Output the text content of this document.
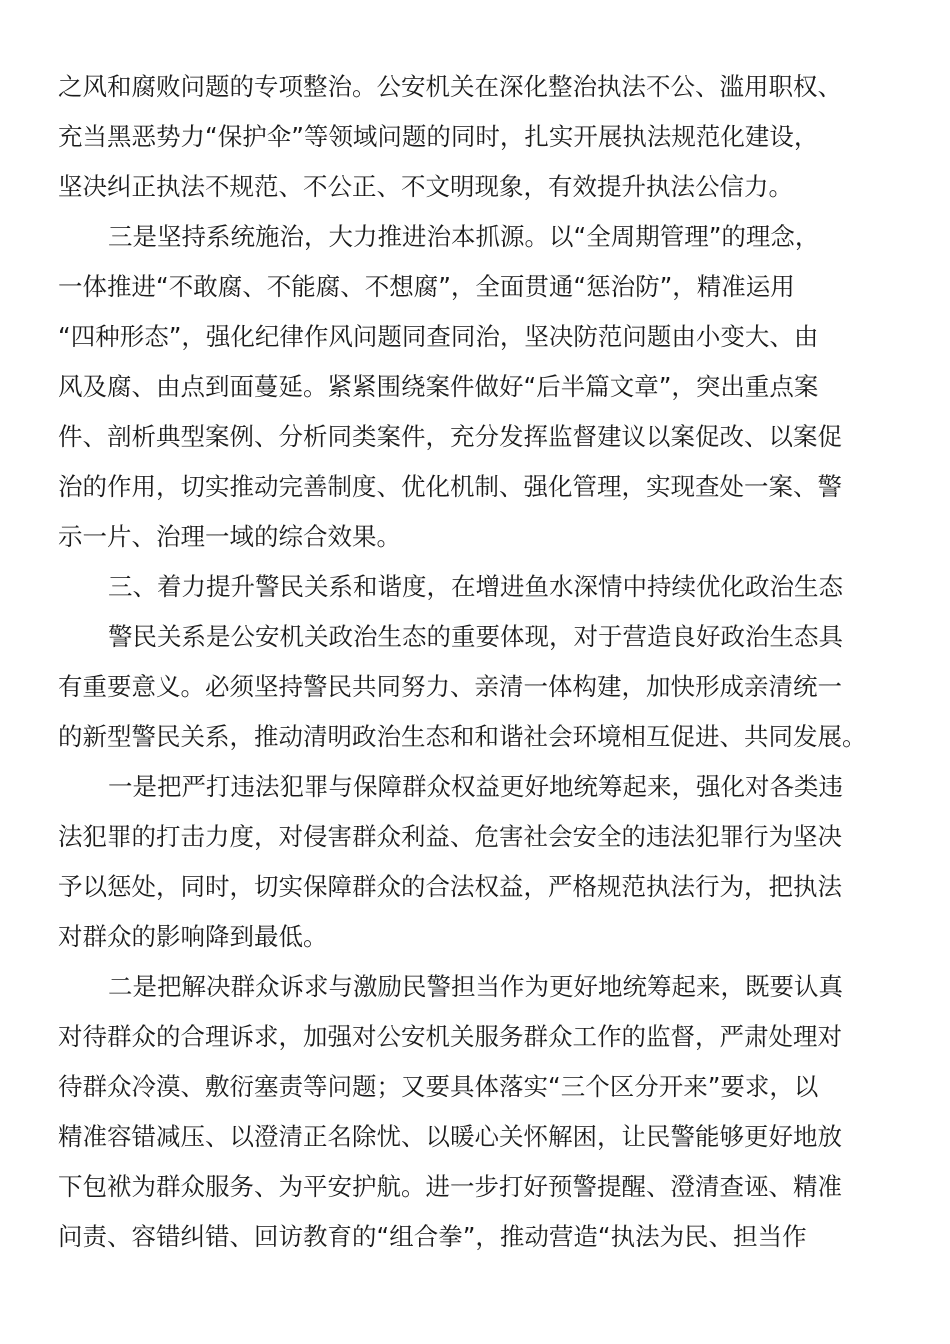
之风和腐败问题的专项整治。公安机关在深化整治执法不公、滥用职权、
充当黑恶势力“保护伞”等领域问题的同时，扎实开展执法规范化建设，
坚决纠正执法不规范、不公正、不文明现象，有效提升执法公信力。
三是坚持系统施治，大力推进治本抓源。以“全周期管理”的理念，
一体推进“不敢腐、不能腐、不想腐”，全面贯通“惩治防”，精准运用
“四种形态”，强化纪律作风问题同查同治，坚决防范问题由小变大、由
风及腐、由点到面蔓延。紧紧围绕案件做好“后半篇文章”，突出重点案
件、剖析典型案例、分析同类案件，充分发挥监督建议以案促改、以案促
治的作用，切实推动完善制度、优化机制、强化管理，实现查处一案、警
示一片、治理一域的综合效果。
三、着力提升警民关系和谐度，在增进鱼水深情中持续优化政治生态
警民关系是公安机关政治生态的重要体现，对于营造良好政治生态具
有重要意义。必须坚持警民共同努力、亲清一体构建，加快形成亲清统一
的新型警民关系，推动清明政治生态和和谐社会环境相互促进、共同发展。
一是把严打违法犯罪与保障群众权益更好地统筹起来，强化对各类违
法犯罪的打击力度，对侵害群众利益、危害社会安全的违法犯罪行为坚决
予以惩处，同时，切实保障群众的合法权益，严格规范执法行为，把执法
对群众的影响降到最低。
二是把解决群众诉求与激励民警担当作为更好地统筹起来，既要认真
对待群众的合理诉求，加强对公安机关服务群众工作的监督，严肃处理对
待群众冷漠、敷衍塞责等问题；又要具体落实“三个区分开来”要求，以
精准容错减压、以澄清正名除忧、以暖心关怀解困，让民警能够更好地放
下包袱为群众服务、为平安护航。进一步打好预警提醒、澄清查诬、精准
问责、容错纠错、回访教育的“组合拳”，推动营造“执法为民、担当作
